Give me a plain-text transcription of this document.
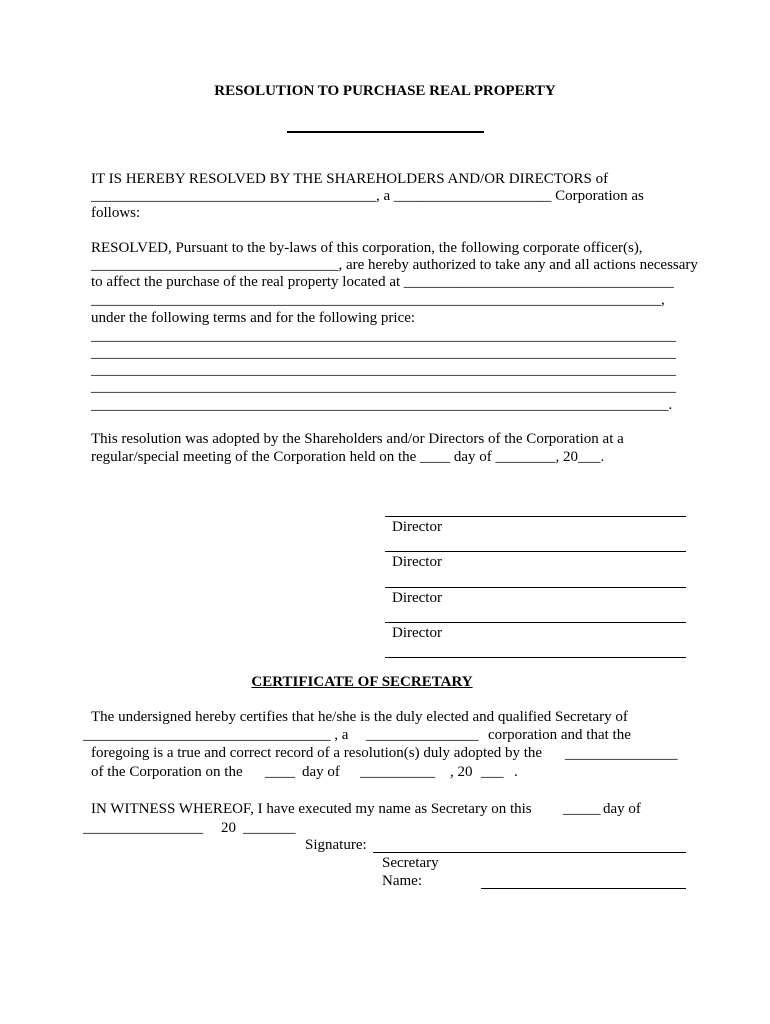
RESOLUTION TO PURCHASE REAL PROPERTY
IT IS HEREBY RESOLVED BY THE SHAREHOLDERS AND/OR DIRECTORS of
______________________________________, a _____________________ Corporation as
follows:
RESOLVED, Pursuant to the by-laws of this corporation, the following corporate officer(s),
_________________________________, are hereby authorized to take any and all actions necessary
to affect the purchase of the real property located at ____________________________________
____________________________________________________________________________,
under the following terms and for the following price:
______________________________________________________________________________
______________________________________________________________________________
______________________________________________________________________________
______________________________________________________________________________
_____________________________________________________________________________.
This resolution was adopted by the Shareholders and/or Directors of the Corporation at a
regular/special meeting of the Corporation held on the ____ day of ________, 20___.
Director
Director
Director
Director
CERTIFICATE OF SECRETARY
The undersigned hereby certifies that he/she is the duly elected and qualified Secretary of
_________________________________ , a _______________ corporation and that the
foregoing is a true and correct record of a resolution(s) duly adopted by the _______________
of the Corporation on the ____ day of __________ , 20 ___ .
IN WITNESS WHEREOF, I have executed my name as Secretary on this _____ day of
________________ 20 _______
Signature:
Secretary
Name:
